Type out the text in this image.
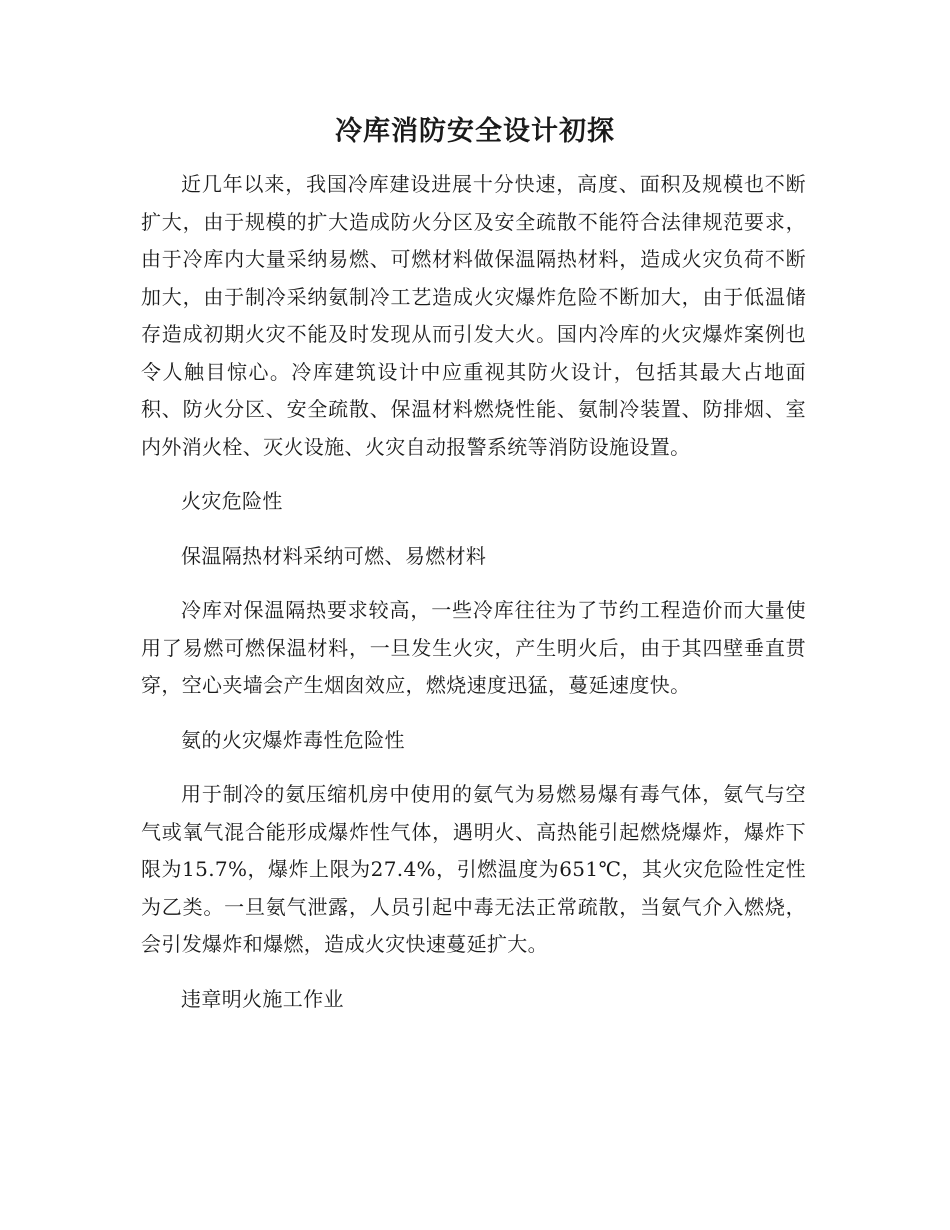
冷库消防安全设计初探

近几年以来，我国冷库建设进展十分快速，高度、面积及规模也不断扩大，由于规模的扩大造成防火分区及安全疏散不能符合法律规范要求，由于冷库内大量采纳易燃、可燃材料做保温隔热材料，造成火灾负荷不断加大，由于制冷采纳氨制冷工艺造成火灾爆炸危险不断加大，由于低温储存造成初期火灾不能及时发现从而引发大火。国内冷库的火灾爆炸案例也令人触目惊心。冷库建筑设计中应重视其防火设计，包括其最大占地面积、防火分区、安全疏散、保温材料燃烧性能、氨制冷装置、防排烟、室内外消火栓、灭火设施、火灾自动报警系统等消防设施设置。

火灾危险性

保温隔热材料采纳可燃、易燃材料

冷库对保温隔热要求较高，一些冷库往往为了节约工程造价而大量使用了易燃可燃保温材料，一旦发生火灾，产生明火后，由于其四壁垂直贯穿，空心夹墙会产生烟囱效应，燃烧速度迅猛，蔓延速度快。

氨的火灾爆炸毒性危险性

用于制冷的氨压缩机房中使用的氨气为易燃易爆有毒气体，氨气与空气或氧气混合能形成爆炸性气体，遇明火、高热能引起燃烧爆炸，爆炸下限为15.7%，爆炸上限为27.4%，引燃温度为651℃，其火灾危险性定性为乙类。一旦氨气泄露，人员引起中毒无法正常疏散，当氨气介入燃烧，会引发爆炸和爆燃，造成火灾快速蔓延扩大。

违章明火施工作业
